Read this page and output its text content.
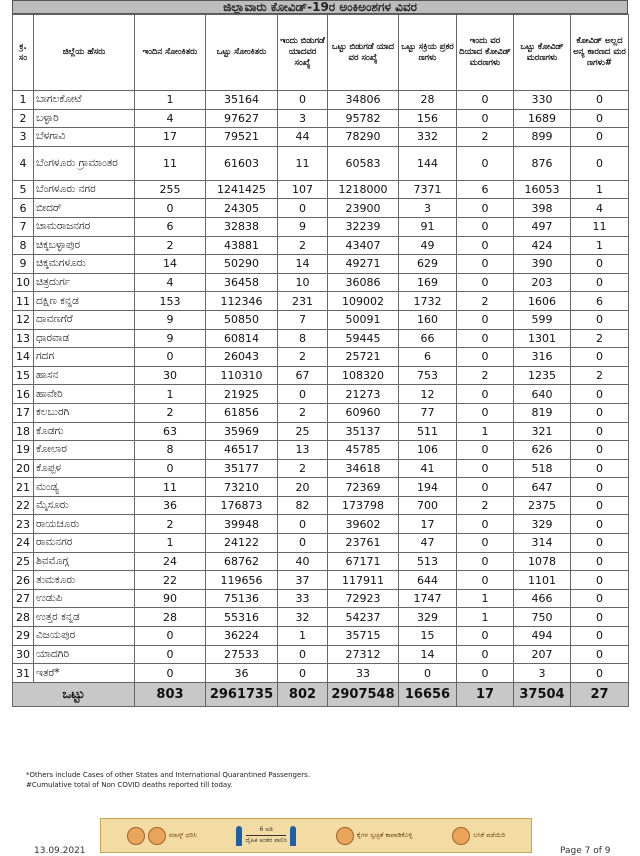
ಜಿಲ್ಲಾವಾರು ಕೋವಿಡ್-19ರ ಅಂಕಿಅಂಶಗಳ ವಿವರ
ಕ್ರ. ಸಂ	ಜಿಲ್ಲೆಯ ಹೆಸರು	ಇಂದಿನ ಸೋಂಕಿತರು	ಒಟ್ಟು ಸೋಂಕಿತರು	ಇಂದು ಬಿಡುಗಡೆ ಯಾದವರ ಸಂಖ್ಯೆ	ಒಟ್ಟು ಬಿಡುಗಡೆ ಯಾದವರ ಸಂಖ್ಯೆ	ಒಟ್ಟು ಸಕ್ರಿಯ ಪ್ರಕರಣಗಳು	ಇಂದು ವರದಿಯಾದ ಕೋವಿಡ್ ಮರಣಗಳು	ಒಟ್ಟು ಕೋವಿಡ್ ಮರಣಗಳು	ಕೋವಿಡ್ ಅಲ್ಲದ ಅನ್ಯ ಕಾರಣದ ಮರಣಗಳು#
1	ಬಾಗಲಕೋಟೆ	1	35164	0	34806	28	0	330	0
2	ಬಳ್ಳಾರಿ	4	97627	3	95782	156	0	1689	0
3	ಬೆಳಗಾವಿ	17	79521	44	78290	332	2	899	0
4	ಬೆಂಗಳೂರು ಗ್ರಾಮಾಂತರ	11	61603	11	60583	144	0	876	0
5	ಬೆಂಗಳೂರು ನಗರ	255	1241425	107	1218000	7371	6	16053	1
6	ಬೀದರ್	0	24305	0	23900	3	0	398	4
7	ಚಾಮರಾಜನಗರ	6	32838	9	32239	91	0	497	11
8	ಚಿಕ್ಕಬಳ್ಳಾಪುರ	2	43881	2	43407	49	0	424	1
9	ಚಿಕ್ಕಮಗಳೂರು	14	50290	14	49271	629	0	390	0
10	ಚಿತ್ರದುರ್ಗ	4	36458	10	36086	169	0	203	0
11	ದಕ್ಷಿಣ ಕನ್ನಡ	153	112346	231	109002	1732	2	1606	6
12	ದಾವಣಗೆರೆ	9	50850	7	50091	160	0	599	0
13	ಧಾರವಾಡ	9	60814	8	59445	66	0	1301	2
14	ಗದಗ	0	26043	2	25721	6	0	316	0
15	ಹಾಸನ	30	110310	67	108320	753	2	1235	2
16	ಹಾವೇರಿ	1	21925	0	21273	12	0	640	0
17	ಕಲಬುರಗಿ	2	61856	2	60960	77	0	819	0
18	ಕೊಡಗು	63	35969	25	35137	511	1	321	0
19	ಕೋಲಾರ	8	46517	13	45785	106	0	626	0
20	ಕೊಪ್ಪಳ	0	35177	2	34618	41	0	518	0
21	ಮಂಡ್ಯ	11	73210	20	72369	194	0	647	0
22	ಮೈಸೂರು	36	176873	82	173798	700	2	2375	0
23	ರಾಯಚೂರು	2	39948	0	39602	17	0	329	0
24	ರಾಮನಗರ	1	24122	0	23761	47	0	314	0
25	ಶಿವಮೊಗ್ಗ	24	68762	40	67171	513	0	1078	0
26	ತುಮಕೂರು	22	119656	37	117911	644	0	1101	0
27	ಉಡುಪಿ	90	75136	33	72923	1747	1	466	0
28	ಉತ್ತರ ಕನ್ನಡ	28	55316	32	54237	329	1	750	0
29	ವಿಜಯಪುರ	0	36224	1	35715	15	0	494	0
30	ಯಾದಗಿರಿ	0	27533	0	27312	14	0	207	0
31	ಇತರೆ*	0	36	0	33	0	0	3	0
ಒಟ್ಟು		803	2961735	802	2907548	16656	17	37504	27
*Others include Cases of other States and International Quarantined Passengers.
#Cumulative total of Non COVID deaths reported till today.
ಮಾಸ್ಕ್ ಧರಿಸಿ
6 ಅಡಿ
ದೈಹಿಕ ಅಂತರ ಪಾಲಿಸಿ
ಕೈಗಳ ಸ್ವಚ್ಛತೆ ಕಾಪಾಡಿಕೊಳ್ಳಿ	ಲಸಿಕೆ ಪಡೆಯಿರಿ
13.09.2021	Page 7 of 9
